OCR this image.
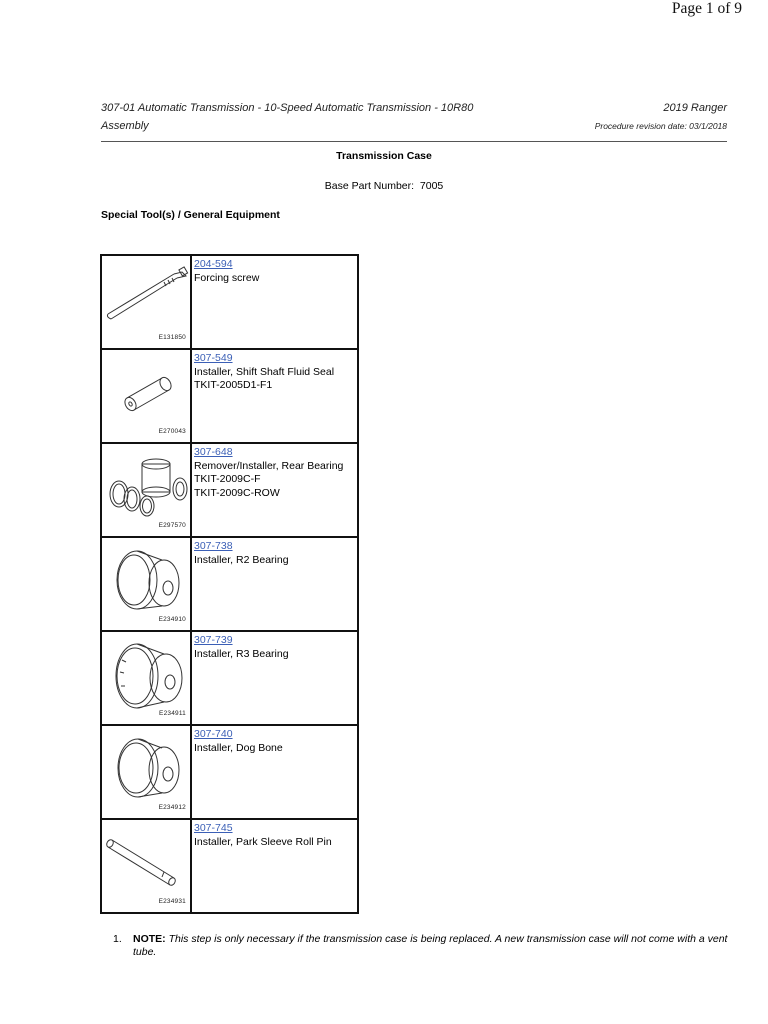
Page 1 of 9
307-01 Automatic Transmission - 10-Speed Automatic Transmission - 10R80
Assembly
2019 Ranger
Procedure revision date: 03/1/2018
Transmission Case
Base Part Number: 7005
Special Tool(s) / General Equipment
E131850	204-594
Forcing screw

E270043	307-549
Installer, Shift Shaft Fluid Seal
TKIT-2005D1-F1

E297570	307-648
Remover/Installer, Rear Bearing
TKIT-2009C-F
TKIT-2009C-ROW

E234910	307-738
Installer, R2 Bearing

E234911	307-739
Installer, R3 Bearing

E234912	307-740
Installer, Dog Bone

E234931	307-745
Installer, Park Sleeve Roll Pin
1. NOTE: This step is only necessary if the transmission case is being replaced. A new transmission case will not come with a vent tube.
